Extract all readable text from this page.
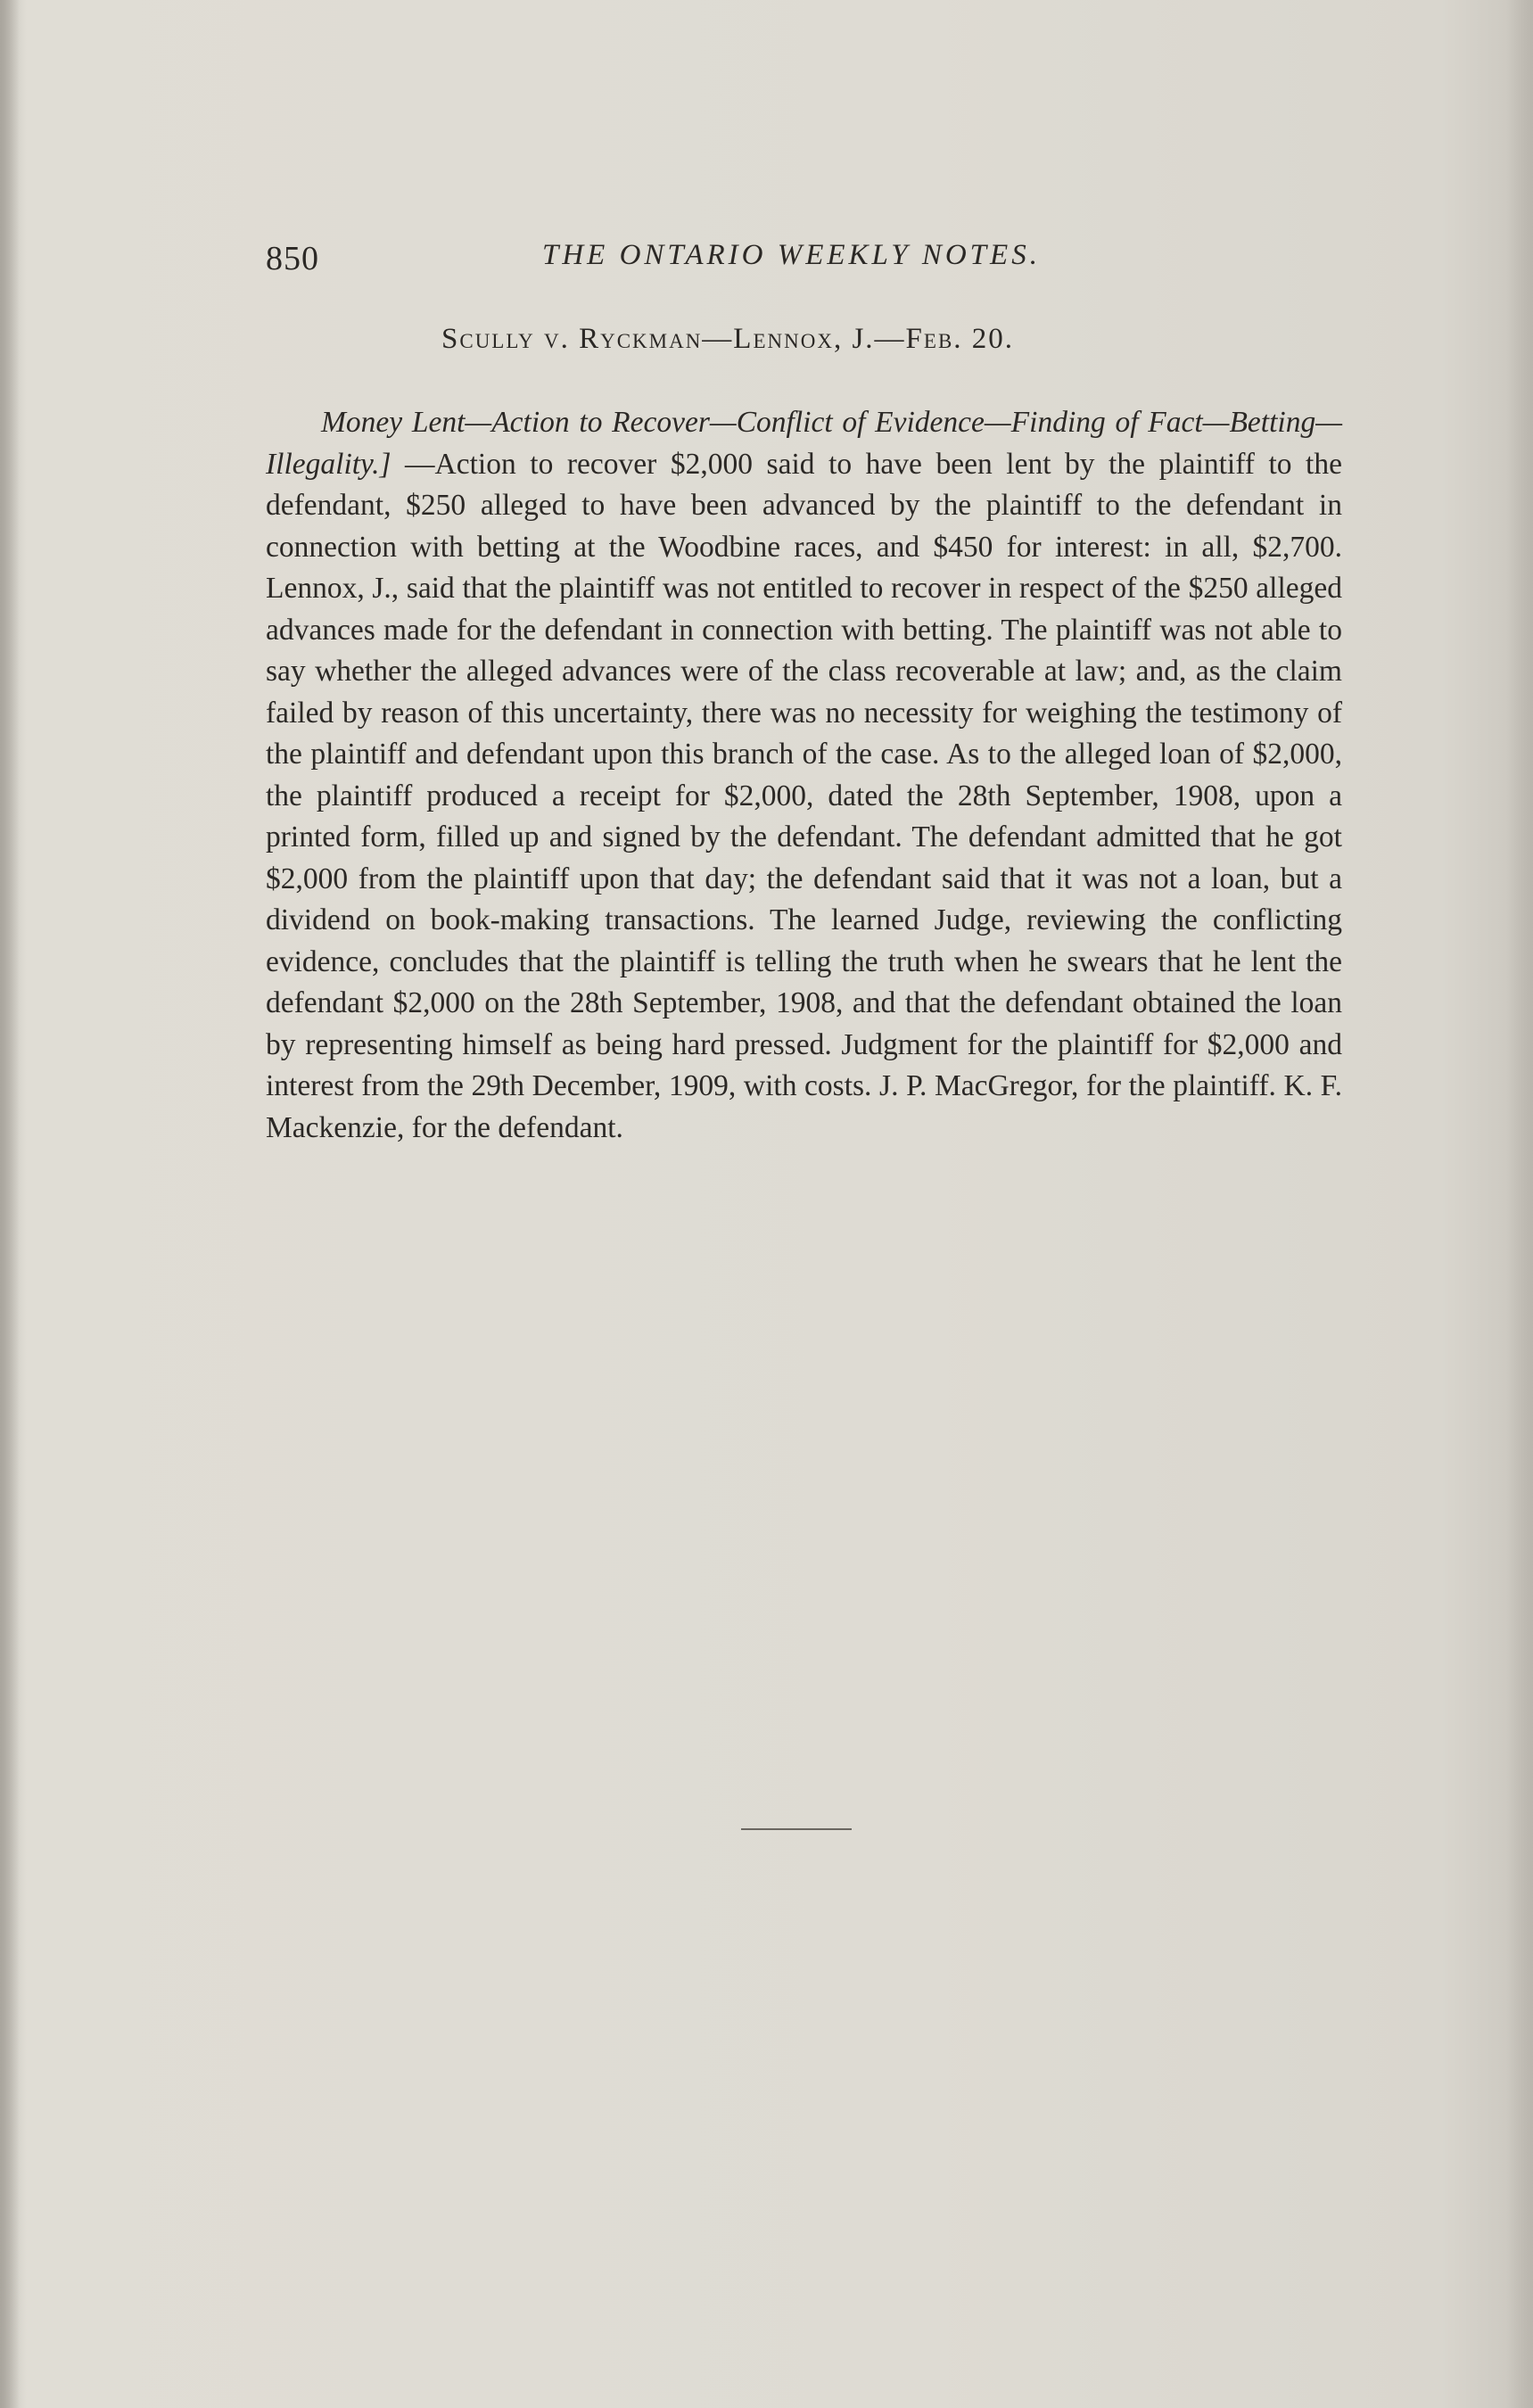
850	THE ONTARIO WEEKLY NOTES.
Scully v. Ryckman—Lennox, J.—Feb. 20.

Money Lent—Action to Recover—Conflict of Evidence—Finding of Fact—Betting—Illegality.] —Action to recover $2,000 said to have been lent by the plaintiff to the defendant, $250 alleged to have been advanced by the plaintiff to the defendant in connection with betting at the Woodbine races, and $450 for interest: in all, $2,700. Lennox, J., said that the plaintiff was not entitled to recover in respect of the $250 alleged advances made for the defendant in connection with betting. The plaintiff was not able to say whether the alleged advances were of the class recoverable at law; and, as the claim failed by reason of this uncertainty, there was no necessity for weighing the testimony of the plaintiff and defendant upon this branch of the case. As to the alleged loan of $2,000, the plaintiff produced a receipt for $2,000, dated the 28th September, 1908, upon a printed form, filled up and signed by the defendant. The defendant admitted that he got $2,000 from the plaintiff upon that day; the defendant said that it was not a loan, but a dividend on book-making transactions. The learned Judge, reviewing the conflicting evidence, concludes that the plaintiff is telling the truth when he swears that he lent the defendant $2,000 on the 28th September, 1908, and that the defendant obtained the loan by representing himself as being hard pressed. Judgment for the plaintiff for $2,000 and interest from the 29th December, 1909, with costs. J. P. MacGregor, for the plaintiff. K. F. Mackenzie, for the defendant.
